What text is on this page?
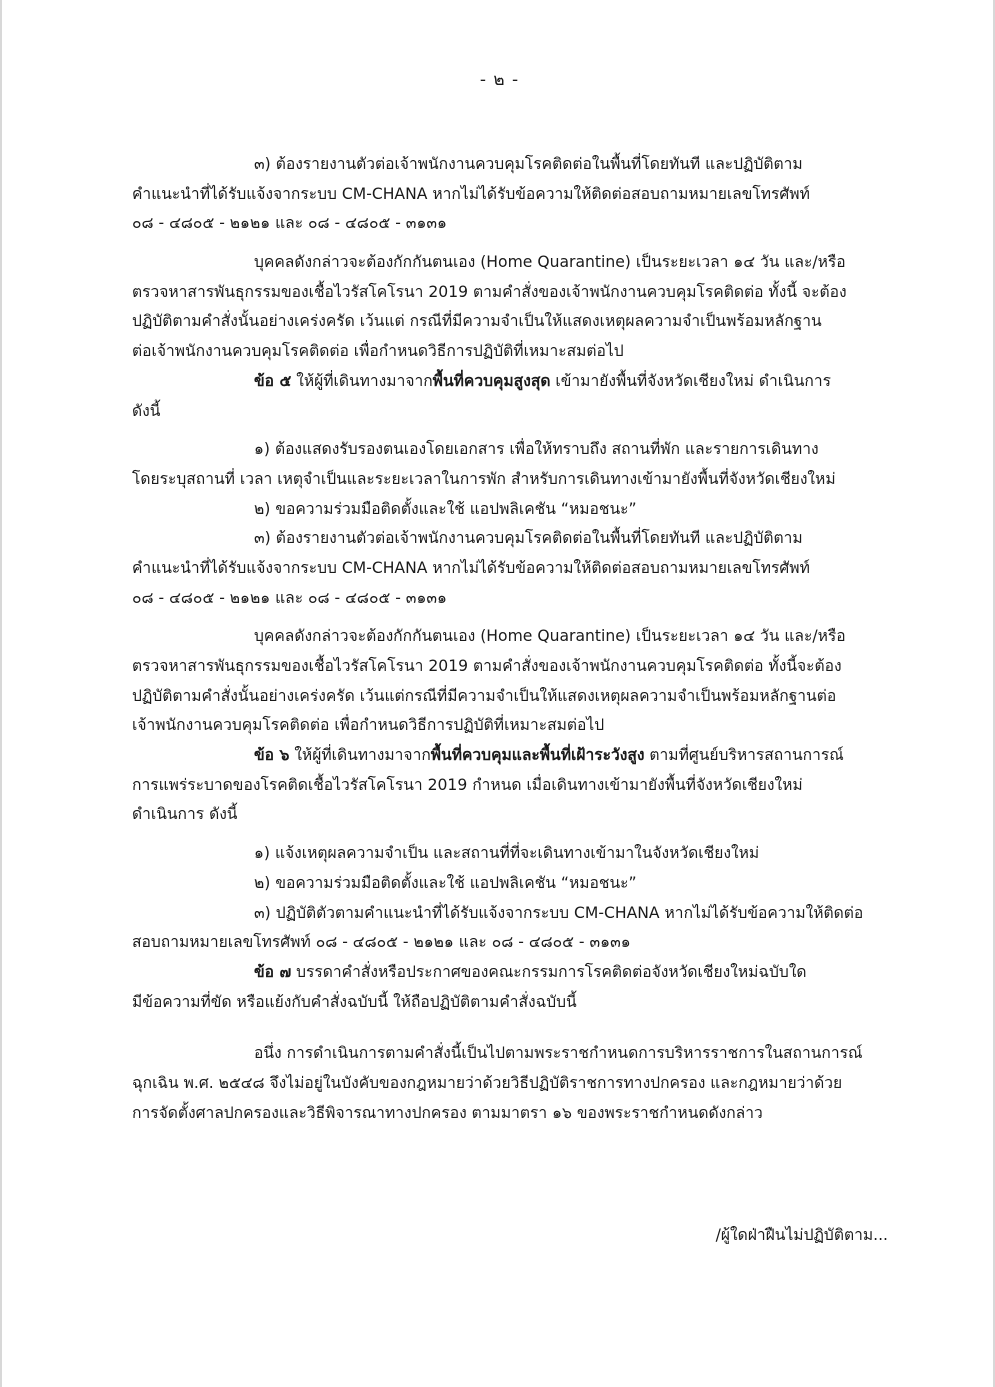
- ๒ -
๓) ต้องรายงานตัวต่อเจ้าพนักงานควบคุมโรคติดต่อในพื้นที่โดยทันที และปฏิบัติตาม
คำแนะนำที่ได้รับแจ้งจากระบบ CM-CHANA หากไม่ได้รับข้อความให้ติดต่อสอบถามหมายเลขโทรศัพท์
๐๘ - ๔๘๐๕ - ๒๑๒๑ และ ๐๘ - ๔๘๐๕ - ๓๑๓๑
บุคคลดังกล่าวจะต้องกักกันตนเอง (Home Quarantine) เป็นระยะเวลา ๑๔ วัน และ/หรือ
ตรวจหาสารพันธุกรรมของเชื้อไวรัสโคโรนา 2019 ตามคำสั่งของเจ้าพนักงานควบคุมโรคติดต่อ ทั้งนี้ จะต้อง
ปฏิบัติตามคำสั่งนั้นอย่างเคร่งครัด เว้นแต่ กรณีที่มีความจำเป็นให้แสดงเหตุผลความจำเป็นพร้อมหลักฐาน
ต่อเจ้าพนักงานควบคุมโรคติดต่อ เพื่อกำหนดวิธีการปฏิบัติที่เหมาะสมต่อไป
ข้อ ๕ ให้ผู้ที่เดินทางมาจากพื้นที่ควบคุมสูงสุด เข้ามายังพื้นที่จังหวัดเชียงใหม่ ดำเนินการ
ดังนี้
๑) ต้องแสดงรับรองตนเองโดยเอกสาร เพื่อให้ทราบถึง สถานที่พัก และรายการเดินทาง
โดยระบุสถานที่ เวลา เหตุจำเป็นและระยะเวลาในการพัก สำหรับการเดินทางเข้ามายังพื้นที่จังหวัดเชียงใหม่
๒) ขอความร่วมมือติดตั้งและใช้ แอปพลิเคชัน “หมอชนะ”
๓) ต้องรายงานตัวต่อเจ้าพนักงานควบคุมโรคติดต่อในพื้นที่โดยทันที และปฏิบัติตาม
คำแนะนำที่ได้รับแจ้งจากระบบ CM-CHANA หากไม่ได้รับข้อความให้ติดต่อสอบถามหมายเลขโทรศัพท์
๐๘ - ๔๘๐๕ - ๒๑๒๑ และ ๐๘ - ๔๘๐๕ - ๓๑๓๑
บุคคลดังกล่าวจะต้องกักกันตนเอง (Home Quarantine) เป็นระยะเวลา ๑๔ วัน และ/หรือ
ตรวจหาสารพันธุกรรมของเชื้อไวรัสโคโรนา 2019 ตามคำสั่งของเจ้าพนักงานควบคุมโรคติดต่อ ทั้งนี้จะต้อง
ปฏิบัติตามคำสั่งนั้นอย่างเคร่งครัด เว้นแต่กรณีที่มีความจำเป็นให้แสดงเหตุผลความจำเป็นพร้อมหลักฐานต่อ
เจ้าพนักงานควบคุมโรคติดต่อ เพื่อกำหนดวิธีการปฏิบัติที่เหมาะสมต่อไป
ข้อ ๖ ให้ผู้ที่เดินทางมาจากพื้นที่ควบคุมและพื้นที่เฝ้าระวังสูง ตามที่ศูนย์บริหารสถานการณ์
การแพร่ระบาดของโรคติดเชื้อไวรัสโคโรนา 2019 กำหนด เมื่อเดินทางเข้ามายังพื้นที่จังหวัดเชียงใหม่
ดำเนินการ ดังนี้
๑) แจ้งเหตุผลความจำเป็น และสถานที่ที่จะเดินทางเข้ามาในจังหวัดเชียงใหม่
๒) ขอความร่วมมือติดตั้งและใช้ แอปพลิเคชัน “หมอชนะ”
๓) ปฏิบัติตัวตามคำแนะนำที่ได้รับแจ้งจากระบบ CM-CHANA หากไม่ได้รับข้อความให้ติดต่อ
สอบถามหมายเลขโทรศัพท์ ๐๘ - ๔๘๐๕ - ๒๑๒๑ และ ๐๘ - ๔๘๐๕ - ๓๑๓๑
ข้อ ๗ บรรดาคำสั่งหรือประกาศของคณะกรรมการโรคติดต่อจังหวัดเชียงใหม่ฉบับใด
มีข้อความที่ขัด หรือแย้งกับคำสั่งฉบับนี้ ให้ถือปฏิบัติตามคำสั่งฉบับนี้
อนึ่ง การดำเนินการตามคำสั่งนี้เป็นไปตามพระราชกำหนดการบริหารราชการในสถานการณ์
ฉุกเฉิน พ.ศ. ๒๕๔๘ จึงไม่อยู่ในบังคับของกฎหมายว่าด้วยวิธีปฏิบัติราชการทางปกครอง และกฎหมายว่าด้วย
การจัดตั้งศาลปกครองและวิธีพิจารณาทางปกครอง ตามมาตรา ๑๖ ของพระราชกำหนดดังกล่าว
/ผู้ใดฝ่าฝืนไม่ปฏิบัติตาม...
